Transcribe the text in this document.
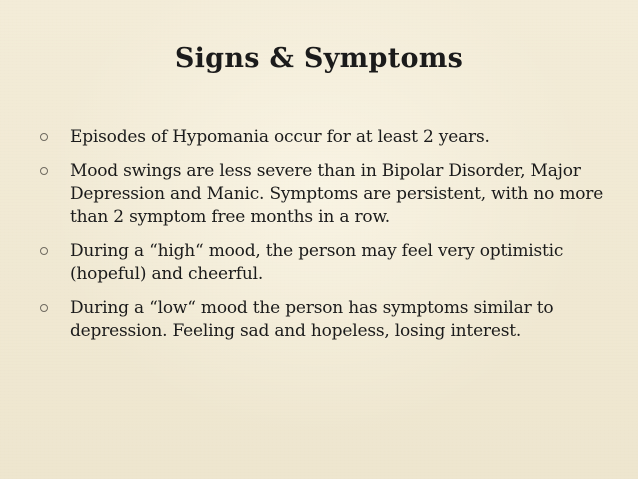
Signs & Symptoms
Episodes of Hypomania occur for at least 2 years.
Mood swings are less severe than in Bipolar Disorder, Major Depression and Manic. Symptoms are persistent, with no more than 2 symptom free months in a row.
During a “high“ mood, the person may feel very optimistic (hopeful) and cheerful.
During a “low“ mood the person has symptoms similar to depression. Feeling sad and hopeless, losing interest.
